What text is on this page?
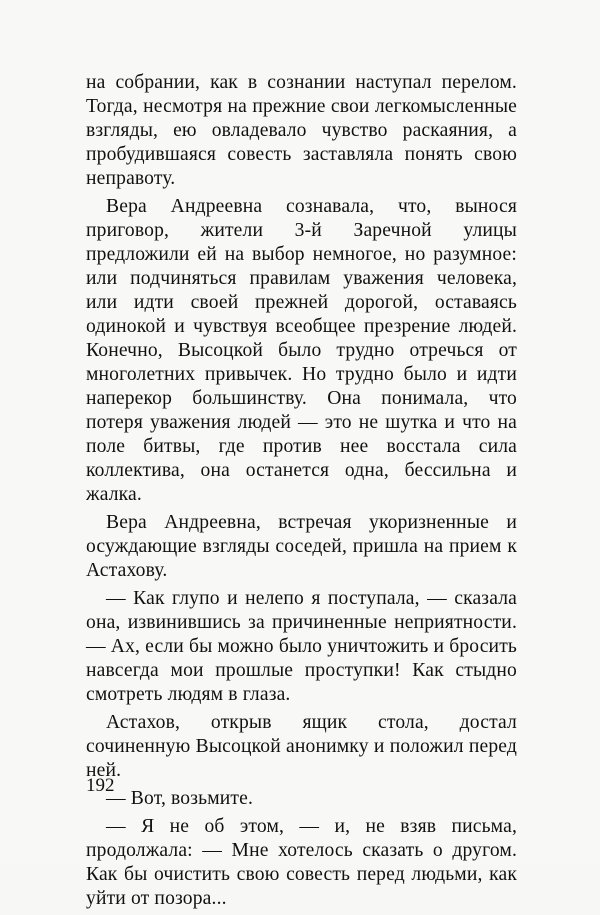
на собрании, как в сознании наступал перелом. Тогда, несмотря на прежние свои легкомысленные взгляды, ею овладевало чувство раскаяния, а пробудившаяся совесть заставляла понять свою неправоту.

Вера Андреевна сознавала, что, вынося приговор, жители 3-й Заречной улицы предложили ей на выбор немногое, но разумное: или подчиняться правилам уважения человека, или идти своей прежней дорогой, оставаясь одинокой и чувствуя всеобщее презрение людей. Конечно, Высоцкой было трудно отречься от многолетних привычек. Но трудно было и идти наперекор большинству. Она понимала, что потеря уважения людей — это не шутка и что на поле битвы, где против нее восстала сила коллектива, она останется одна, бессильна и жалка.

Вера Андреевна, встречая укоризненные и осуждающие взгляды соседей, пришла на прием к Астахову.

— Как глупо и нелепо я поступала, — сказала она, извинившись за причиненные неприятности. — Ах, если бы можно было уничтожить и бросить навсегда мои прошлые проступки! Как стыдно смотреть людям в глаза.

Астахов, открыв ящик стола, достал сочиненную Высоцкой анонимку и положил перед ней.

— Вот, возьмите.

— Я не об этом, — и, не взяв письма, продолжала: — Мне хотелось сказать о другом. Как бы очистить свою совесть перед людьми, как уйти от позора...

192
